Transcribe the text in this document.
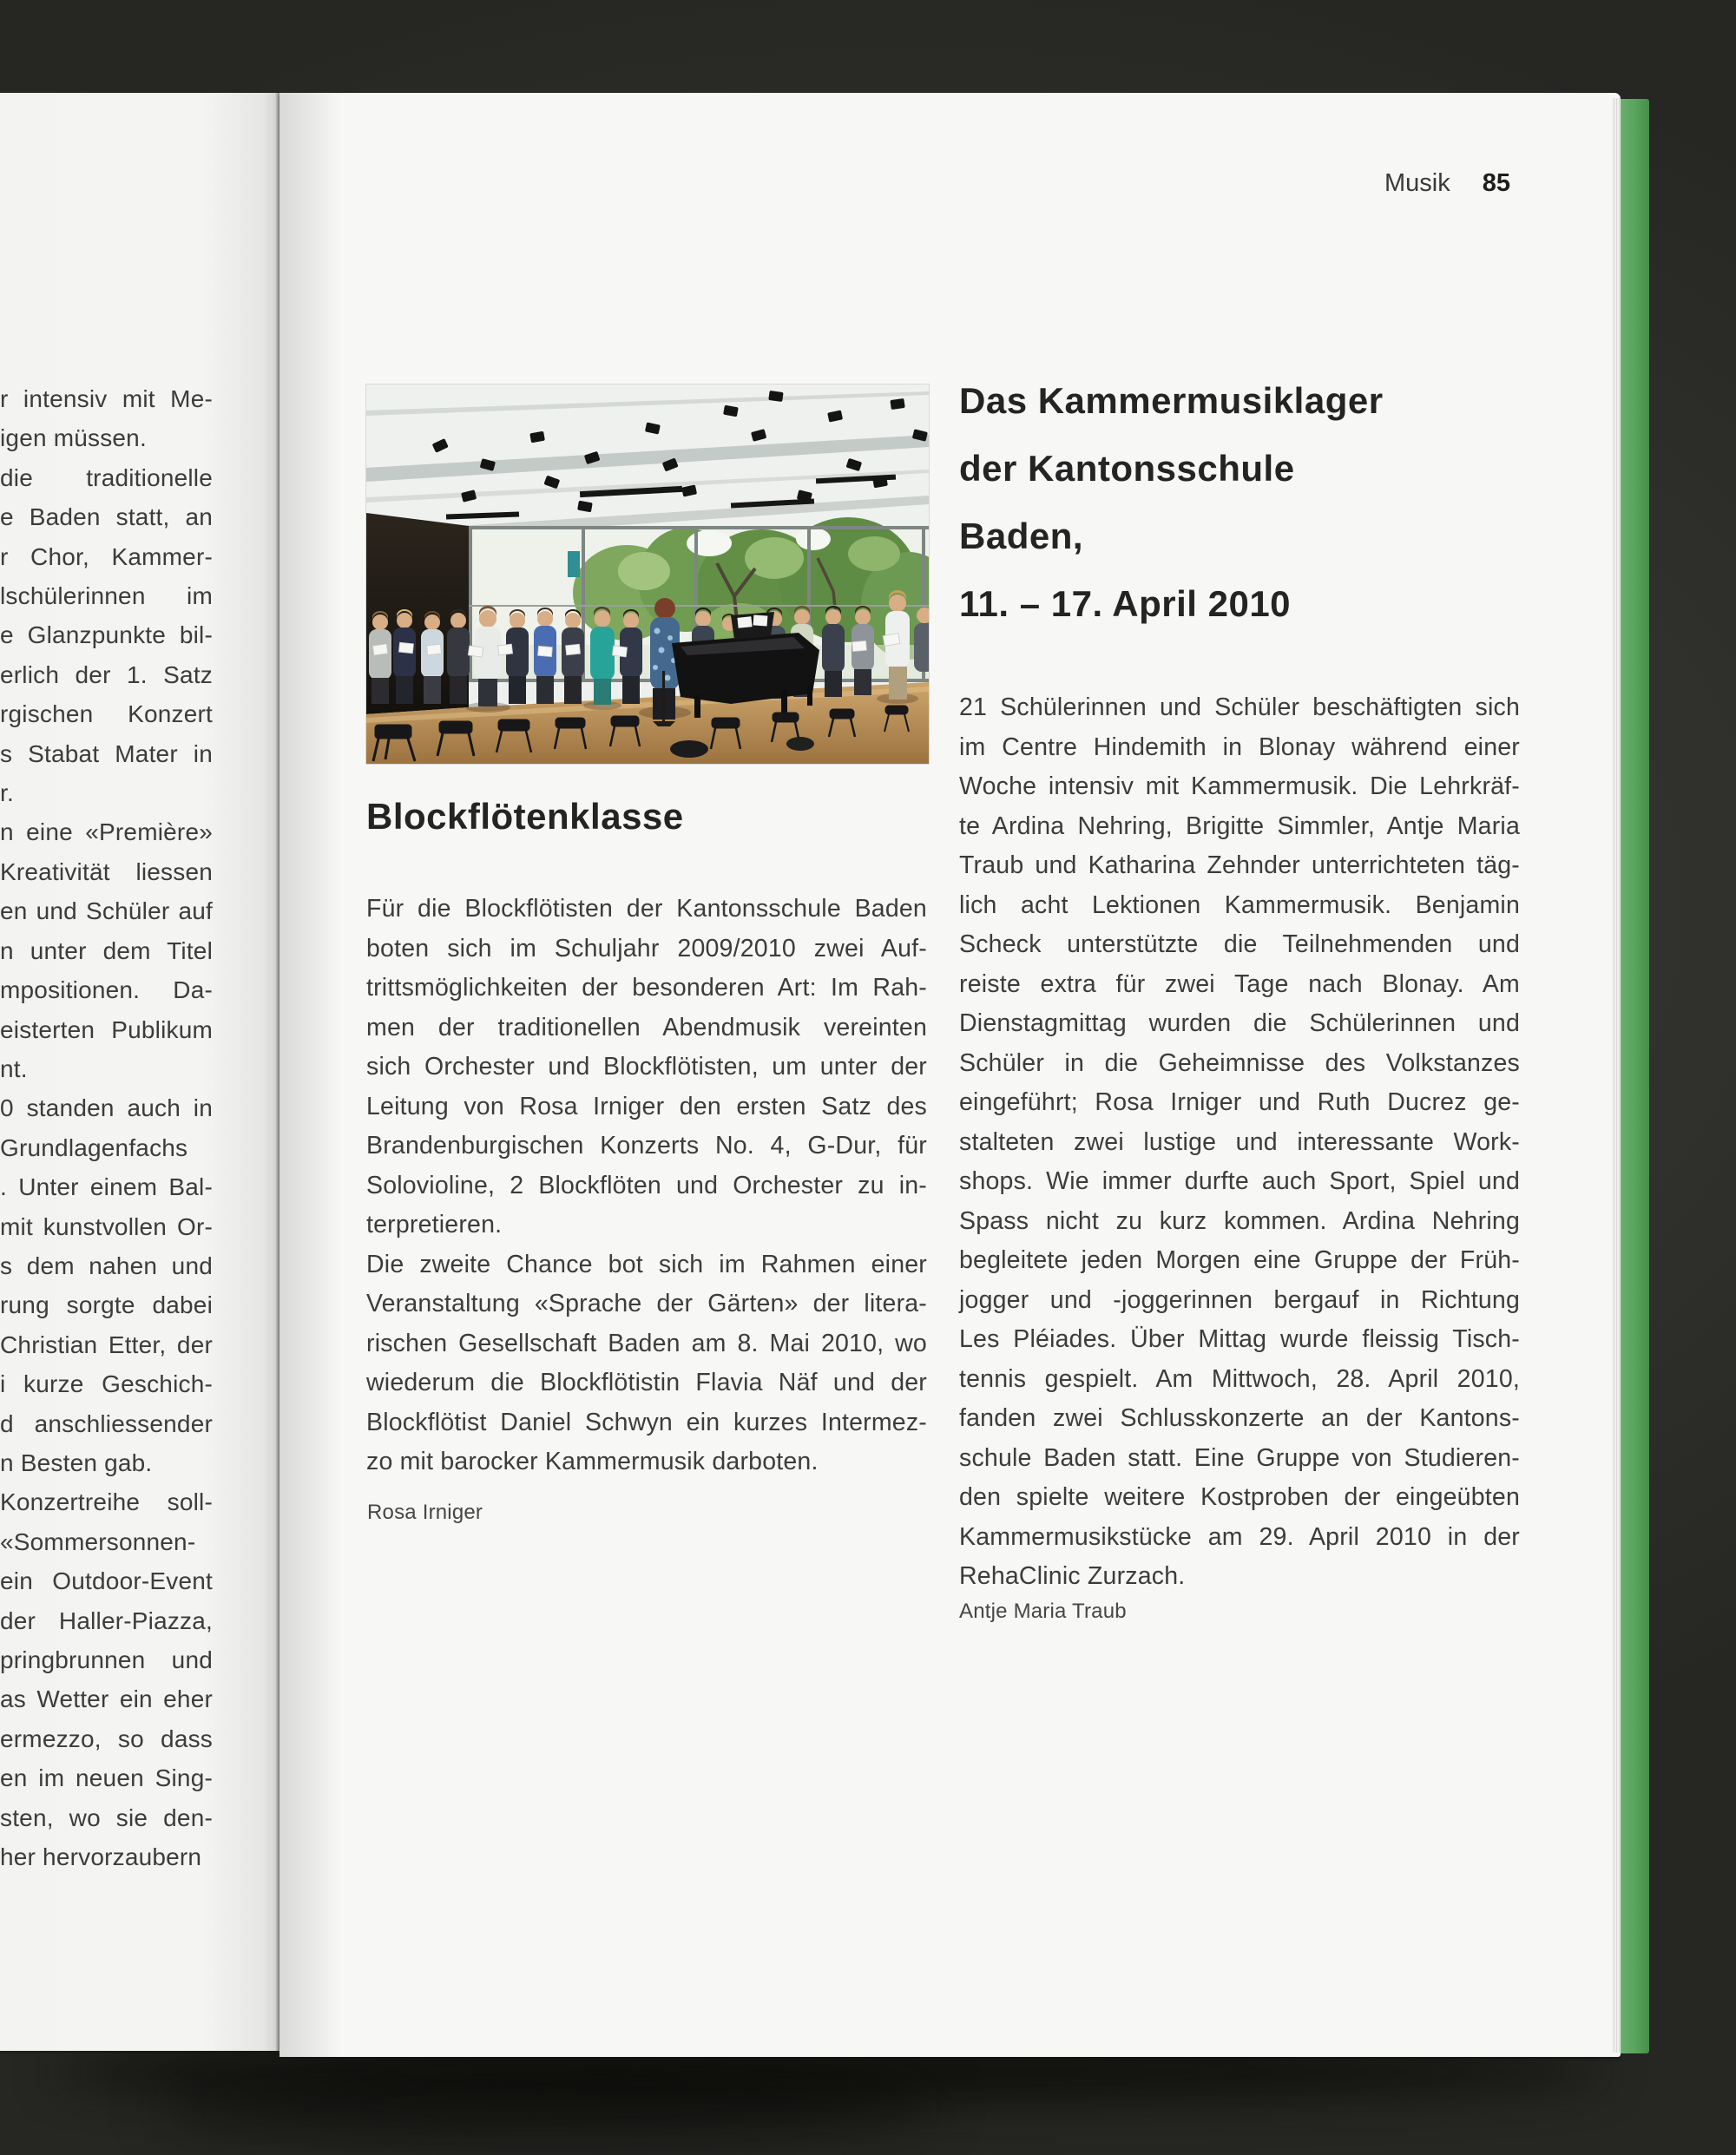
r intensiv mit Me-
igen müssen.
die traditionelle
e Baden statt, an
r Chor, Kammer-
lschülerinnen im
e Glanzpunkte bil-
erlich der 1. Satz
rgischen Konzert
s Stabat Mater in
r.
n eine «Première»
Kreativität liessen
en und Schüler auf
n unter dem Titel
mpositionen. Da-
eisterten Publikum
nt.
0 standen auch in
Grundlagenfachs
. Unter einem Bal-
mit kunstvollen Or-
s dem nahen und
rung sorgte dabei
Christian Etter, der
i kurze Geschich-
d anschliessender
n Besten gab.
Konzertreihe soll-
«Sommersonnen-
ein Outdoor-Event
der Haller-Piazza,
pringbrunnen und
as Wetter ein eher
ermezzo, so dass
en im neuen Sing-
sten, wo sie den-
her hervorzaubern
Musik 85
Blockflötenklasse
Für die Blockflötisten der Kantonsschule Baden
boten sich im Schuljahr 2009/2010 zwei Auf-
trittsmöglichkeiten der besonderen Art: Im Rah-
men der traditionellen Abendmusik vereinten
sich Orchester und Blockflötisten, um unter der
Leitung von Rosa Irniger den ersten Satz des
Brandenburgischen Konzerts No. 4, G-Dur, für
Solovioline, 2 Blockflöten und Orchester zu in-
terpretieren.
Die zweite Chance bot sich im Rahmen einer
Veranstaltung «Sprache der Gärten» der litera-
rischen Gesellschaft Baden am 8. Mai 2010, wo
wiederum die Blockflötistin Flavia Näf und der
Blockflötist Daniel Schwyn ein kurzes Intermez-
zo mit barocker Kammermusik darboten.
Rosa Irniger
Das Kammermusiklager
der Kantonsschule
Baden,
11. – 17. April 2010
21 Schülerinnen und Schüler beschäftigten sich
im Centre Hindemith in Blonay während einer
Woche intensiv mit Kammermusik. Die Lehrkräf-
te Ardina Nehring, Brigitte Simmler, Antje Maria
Traub und Katharina Zehnder unterrichteten täg-
lich acht Lektionen Kammermusik. Benjamin
Scheck unterstützte die Teilnehmenden und
reiste extra für zwei Tage nach Blonay. Am
Dienstagmittag wurden die Schülerinnen und
Schüler in die Geheimnisse des Volkstanzes
eingeführt; Rosa Irniger und Ruth Ducrez ge-
stalteten zwei lustige und interessante Work-
shops. Wie immer durfte auch Sport, Spiel und
Spass nicht zu kurz kommen. Ardina Nehring
begleitete jeden Morgen eine Gruppe der Früh-
jogger und -joggerinnen bergauf in Richtung
Les Pléiades. Über Mittag wurde fleissig Tisch-
tennis gespielt. Am Mittwoch, 28. April 2010,
fanden zwei Schlusskonzerte an der Kantons-
schule Baden statt. Eine Gruppe von Studieren-
den spielte weitere Kostproben der eingeübten
Kammermusikstücke am 29. April 2010 in der
RehaClinic Zurzach.
Antje Maria Traub
